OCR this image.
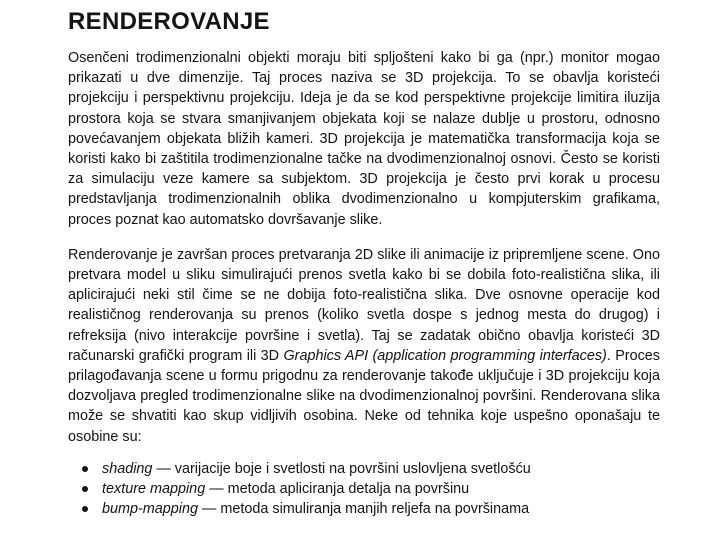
RENDEROVANJE

Osenčeni trodimenzionalni objekti moraju biti spljošteni kako bi ga (npr.) monitor mogao prikazati u dve dimenzije. Taj proces naziva se 3D projekcija. To se obavlja koristeći projekciju i perspektivnu projekciju. Ideja je da se kod perspektivne projekcije limitira iluzija prostora koja se stvara smanjivanjem objekata koji se nalaze dublje u prostoru, odnosno povećavanjem objekata bližih kameri. 3D projekcija je matematička transformacija koja se koristi kako bi zaštitila trodimenzionalne tačke na dvodimenzionalnoj osnovi. Često se koristi za simulaciju veze kamere sa subjektom. 3D projekcija je često prvi korak u procesu predstavljanja trodimenzionalnih oblika dvodimenzionalno u kompjuterskim grafikama, proces poznat kao automatsko dovršavanje slike.

Renderovanje je završan proces pretvaranja 2D slike ili animacije iz pripremljene scene. Ono pretvara model u sliku simulirajući prenos svetla kako bi se dobila foto-realistična slika, ili aplicirajući neki stil čime se ne dobija foto-realistična slika. Dve osnovne operacije kod realističnog renderovanja su prenos (koliko svetla dospe s jednog mesta do drugog) i refreksija (nivo interakcije površine i svetla). Taj se zadatak obično obavlja koristeći 3D računarski grafički program ili 3D Graphics API (application programming interfaces). Proces prilagođavanja scene u formu prigodnu za renderovanje takođe uključuje i 3D projekciju koja dozvoljava pregled trodimenzionalne slike na dvodimenzionalnoj površini. Renderovana slika može se shvatiti kao skup vidljivih osobina. Neke od tehnika koje uspešno oponašaju te osobine su:

shading — varijacije boje i svetlosti na površini uslovljena svetlošću
texture mapping — metoda apliciranja detalja na površinu
bump-mapping — metoda simuliranja manjih reljefa na površinama
